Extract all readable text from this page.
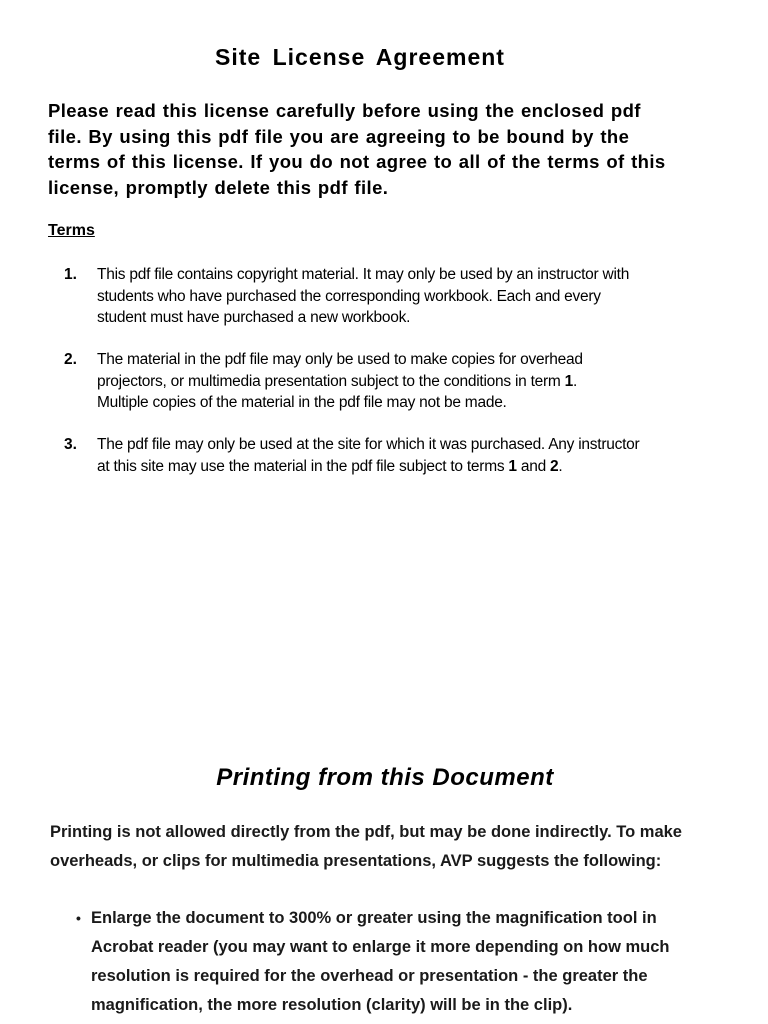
Site License Agreement
Please read this license carefully before using the enclosed pdf file. By using this pdf file you are agreeing to be bound by the terms of this license. If you do not agree to all of the terms of this license, promptly delete this pdf file.
Terms
1. This pdf file contains copyright material. It may only be used by an instructor with
students who have purchased the corresponding workbook. Each and every
student must have purchased a new workbook.
2. The material in the pdf file may only be used to make copies for overhead
projectors, or multimedia presentation subject to the conditions in term 1.
Multiple copies of the material in the pdf file may not be made.
3. The pdf file may only be used at the site for which it was purchased. Any instructor
at this site may use the material in the pdf file subject to terms 1 and 2.
Printing from this Document
Printing is not allowed directly from the pdf, but may be done indirectly. To make overheads, or clips for multimedia presentations, AVP suggests the following:
• Enlarge the document to 300% or greater using the magnification tool in
Acrobat reader (you may want to enlarge it more depending on how much
resolution is required for the overhead or presentation - the greater the
magnification, the more resolution (clarity) will be in the clip).
